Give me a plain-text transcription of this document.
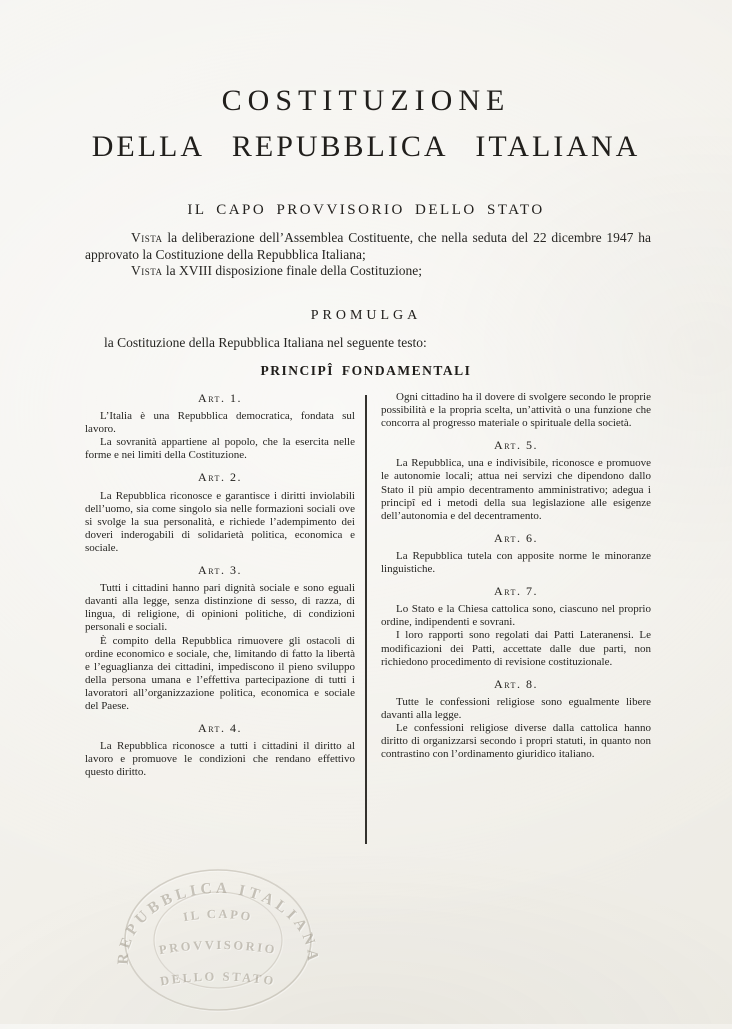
COSTITUZIONE
DELLA REPUBBLICA ITALIANA
IL CAPO PROVVISORIO DELLO STATO

Vista la deliberazione dell’Assemblea Costituente, che nella seduta del 22 dicembre 1947 ha approvato la Costituzione della Repubblica Italiana;

Vista la XVIII disposizione finale della Costituzione;

PROMULGA
la Costituzione della Repubblica Italiana nel seguente testo:
PRINCIPÎ FONDAMENTALI
Art. 1.

L’Italia è una Repubblica democratica, fondata sul lavoro.

La sovranità appartiene al popolo, che la esercita nelle forme e nei limiti della Costituzione.

Art. 2.

La Repubblica riconosce e garantisce i diritti inviolabili dell’uomo, sia come singolo sia nelle formazioni sociali ove si svolge la sua personalità, e richiede l’adempimento dei doveri inderogabili di solidarietà politica, economica e sociale.

Art. 3.

Tutti i cittadini hanno pari dignità sociale e sono eguali davanti alla legge, senza distinzione di sesso, di razza, di lingua, di religione, di opinioni politiche, di condizioni personali e sociali.

È compito della Repubblica rimuovere gli ostacoli di ordine economico e sociale, che, limitando di fatto la libertà e l’eguaglianza dei cittadini, impediscono il pieno sviluppo della persona umana e l’effettiva partecipazione di tutti i lavoratori all’organizzazione politica, economica e sociale del Paese.

Art. 4.

La Repubblica riconosce a tutti i cittadini il diritto al lavoro e promuove le condizioni che rendano effettivo questo diritto.

Ogni cittadino ha il dovere di svolgere secondo le proprie possibilità e la propria scelta, un’attività o una funzione che concorra al progresso materiale o spirituale della società.

Art. 5.

La Repubblica, una e indivisibile, riconosce e promuove le autonomie locali; attua nei servizi che dipendono dallo Stato il più ampio decentramento amministrativo; adegua i principî ed i metodi della sua legislazione alle esigenze dell’autonomia e del decentramento.

Art. 6.

La Repubblica tutela con apposite norme le minoranze linguistiche.

Art. 7.

Lo Stato e la Chiesa cattolica sono, ciascuno nel proprio ordine, indipendenti e sovrani.

I loro rapporti sono regolati dai Patti Lateranensi. Le modificazioni dei Patti, accettate dalle due parti, non richiedono procedimento di revisione costituzionale.

Art. 8.

Tutte le confessioni religiose sono egualmente libere davanti alla legge.

Le confessioni religiose diverse dalla cattolica hanno diritto di organizzarsi secondo i propri statuti, in quanto non contrastino con l’ordinamento giuridico italiano.

REPUBBLICA ITALIANA
IL CAPO
PROVVISORIO
DELLO STATO
